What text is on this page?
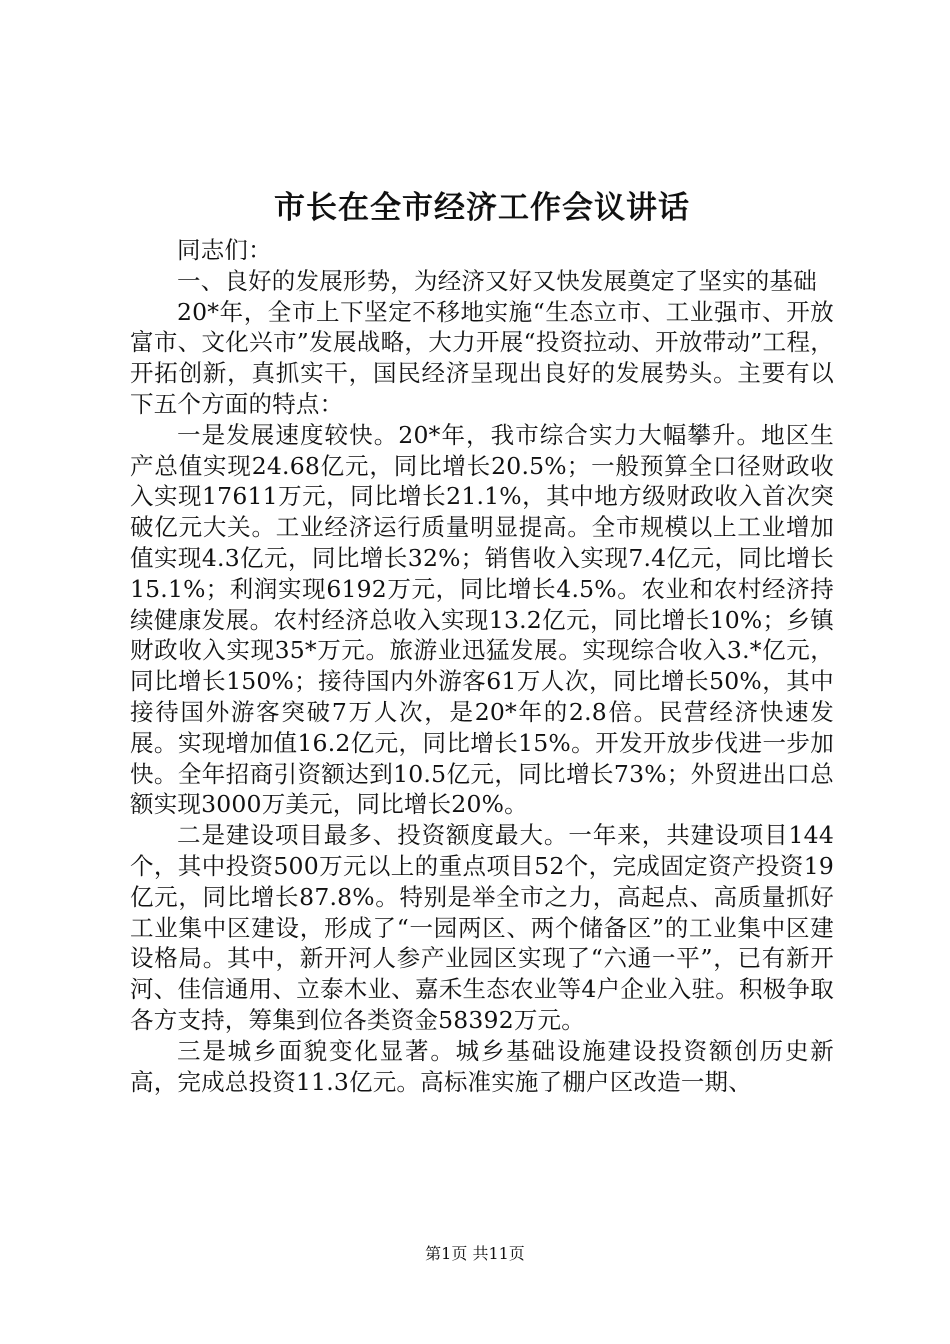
市长在全市经济工作会议讲话

同志们：

一、良好的发展形势，为经济又好又快发展奠定了坚实的基础

20*年，全市上下坚定不移地实施“生态立市、工业强市、开放富市、文化兴市”发展战略，大力开展“投资拉动、开放带动”工程，开拓创新，真抓实干，国民经济呈现出良好的发展势头。主要有以下五个方面的特点：

一是发展速度较快。20*年，我市综合实力大幅攀升。地区生产总值实现24.68亿元，同比增长20.5%；一般预算全口径财政收入实现17611万元，同比增长21.1%，其中地方级财政收入首次突破亿元大关。工业经济运行质量明显提高。全市规模以上工业增加值实现4.3亿元，同比增长32%；销售收入实现7.4亿元，同比增长15.1%；利润实现6192万元，同比增长4.5%。农业和农村经济持续健康发展。农村经济总收入实现13.2亿元，同比增长10%；乡镇财政收入实现35*万元。旅游业迅猛发展。实现综合收入3.*亿元，同比增长150%；接待国内外游客61万人次，同比增长50%，其中接待国外游客突破7万人次，是20*年的2.8倍。民营经济快速发展。实现增加值16.2亿元，同比增长15%。开发开放步伐进一步加快。全年招商引资额达到10.5亿元，同比增长73%；外贸进出口总额实现3000万美元，同比增长20%。

二是建设项目最多、投资额度最大。一年来，共建设项目144个，其中投资500万元以上的重点项目52个，完成固定资产投资19亿元，同比增长87.8%。特别是举全市之力，高起点、高质量抓好工业集中区建设，形成了“一园两区、两个储备区”的工业集中区建设格局。其中，新开河人参产业园区实现了“六通一平”，已有新开河、佳信通用、立泰木业、嘉禾生态农业等4户企业入驻。积极争取各方支持，筹集到位各类资金58392万元。

三是城乡面貌变化显著。城乡基础设施建设投资额创历史新高，完成总投资11.3亿元。高标准实施了棚户区改造一期、

第1页 共11页
